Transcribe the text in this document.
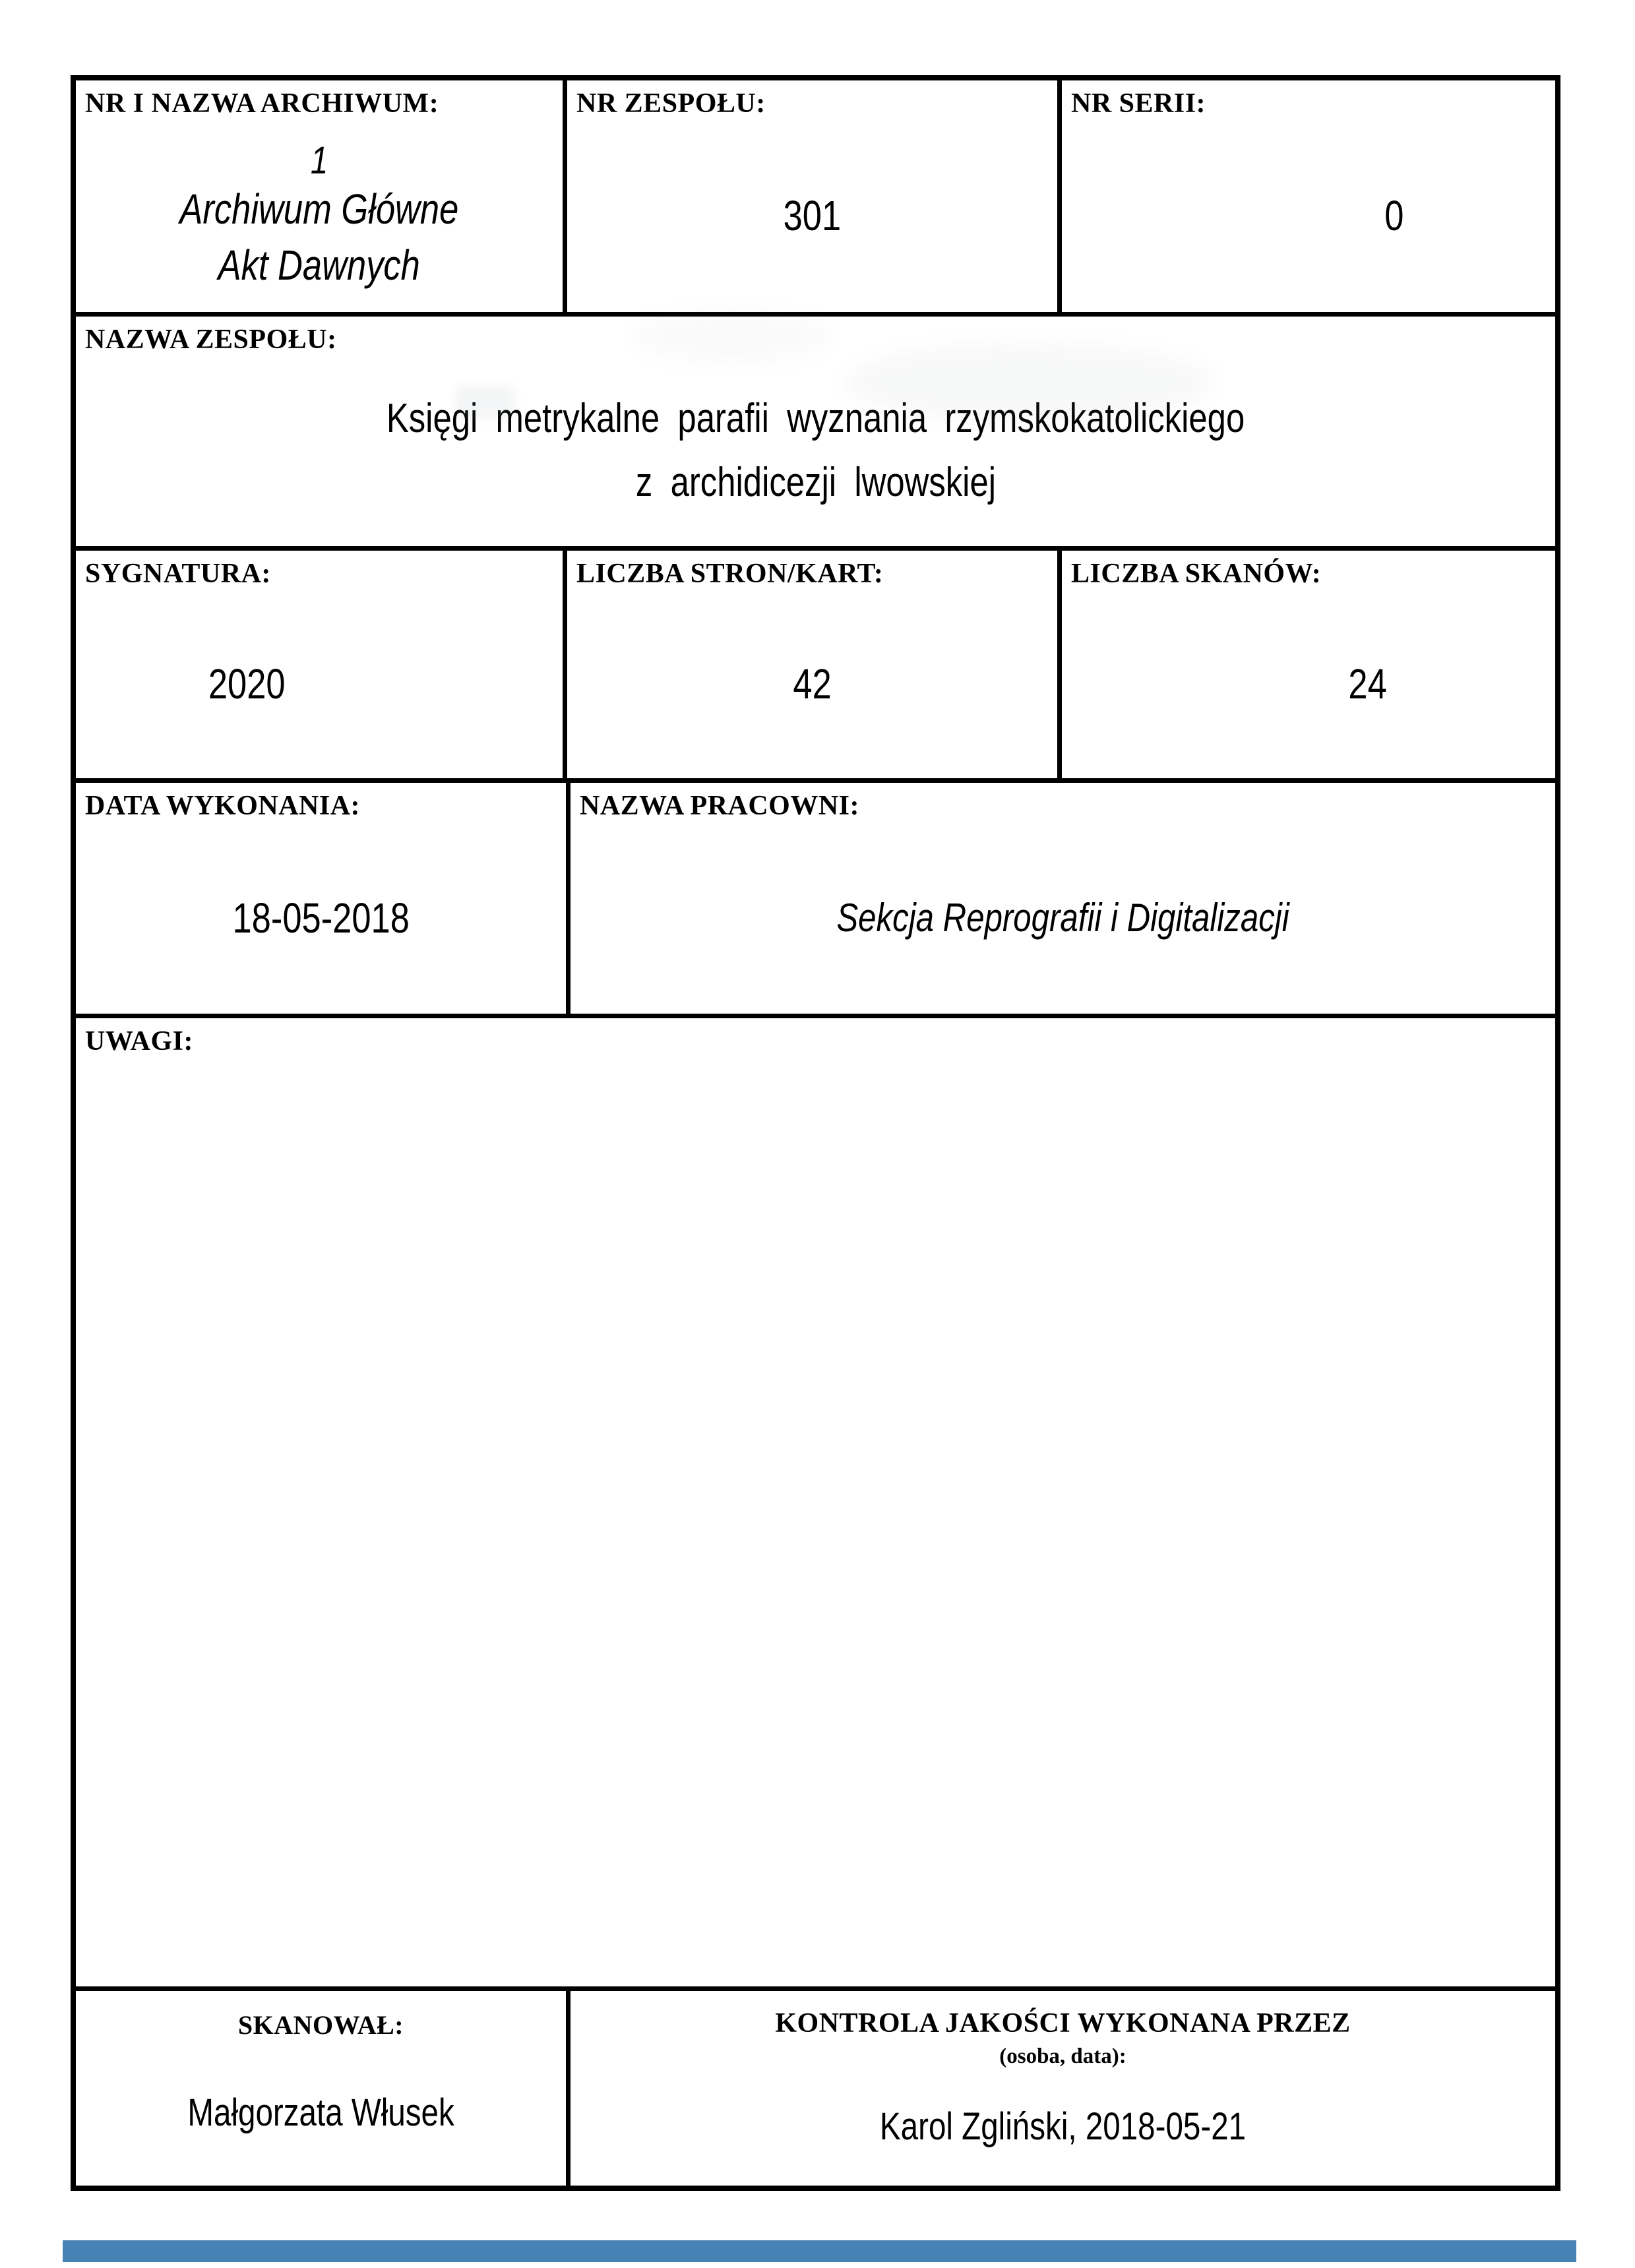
NR I NAZWA ARCHIWUM:
1
Archiwum Główne
Akt Dawnych
NR ZESPOŁU:
301
NR SERII:
0
NAZWA ZESPOŁU:
Księgi metrykalne parafii wyznania rzymskokatolickiego
z archidicezji lwowskiej
SYGNATURA:
2020
LICZBA STRON/KART:
42
LICZBA SKANÓW:
24
DATA WYKONANIA:
18-05-2018
NAZWA PRACOWNI:
Sekcja Reprografii i Digitalizacji
UWAGI:
SKANOWAŁ:
Małgorzata Włusek
KONTROLA JAKOŚCI WYKONANA PRZEZ
(osoba, data):
Karol Zgliński, 2018-05-21
